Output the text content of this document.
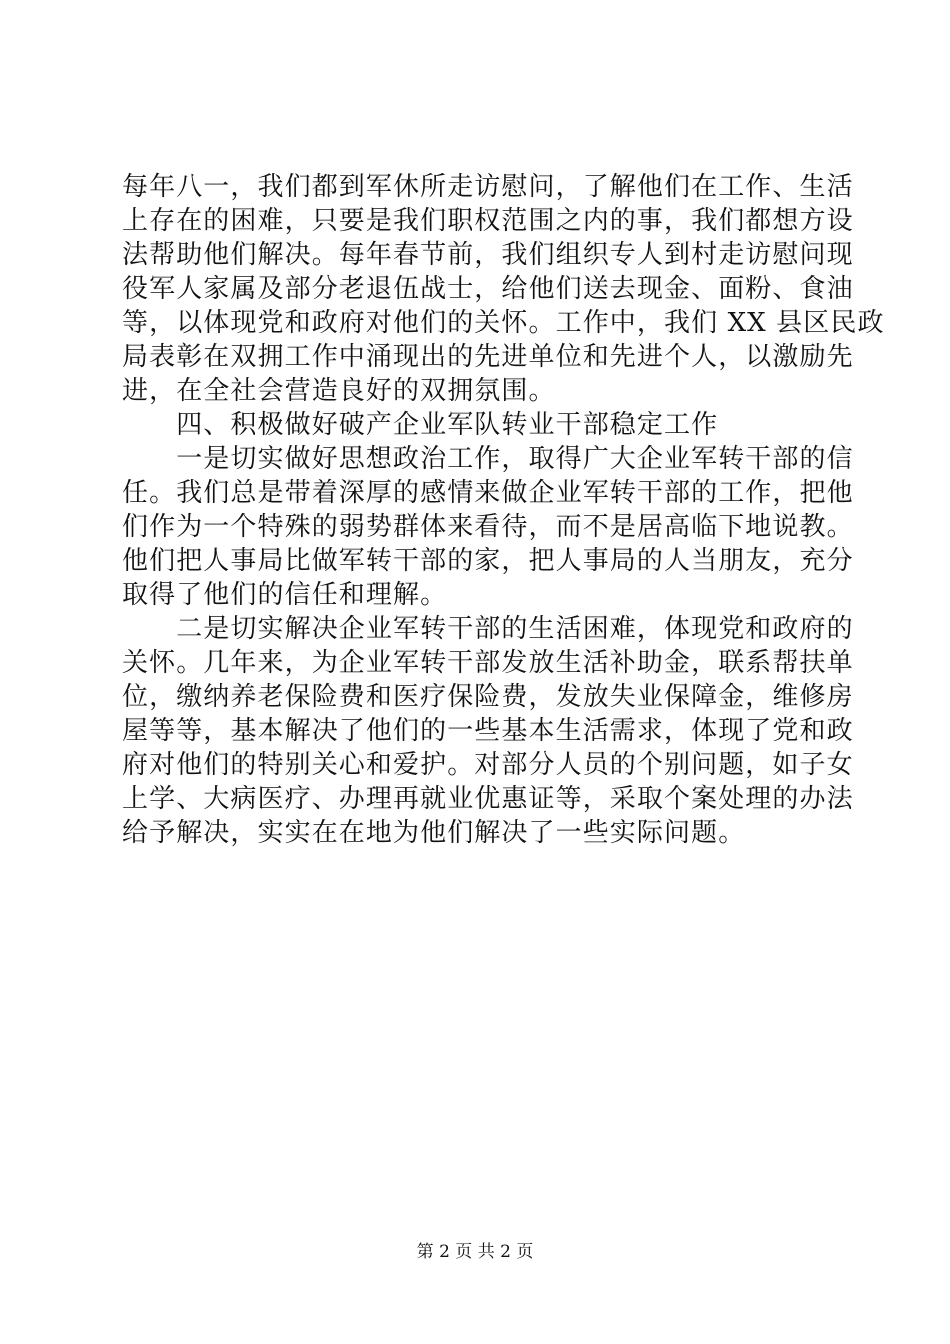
每年八一，我们都到军休所走访慰问，了解他们在工作、生活
上存在的困难，只要是我们职权范围之内的事，我们都想方设
法帮助他们解决。每年春节前，我们组织专人到村走访慰问现
役军人家属及部分老退伍战士，给他们送去现金、面粉、食油
等，以体现党和政府对他们的关怀。工作中，我们 XX 县区民政
局表彰在双拥工作中涌现出的先进单位和先进个人，以激励先
进，在全社会营造良好的双拥氛围。
　　四、积极做好破产企业军队转业干部稳定工作
　　一是切实做好思想政治工作，取得广大企业军转干部的信
任。我们总是带着深厚的感情来做企业军转干部的工作，把他
们作为一个特殊的弱势群体来看待，而不是居高临下地说教。
他们把人事局比做军转干部的家，把人事局的人当朋友，充分
取得了他们的信任和理解。
　　二是切实解决企业军转干部的生活困难，体现党和政府的
关怀。几年来，为企业军转干部发放生活补助金，联系帮扶单
位，缴纳养老保险费和医疗保险费，发放失业保障金，维修房
屋等等，基本解决了他们的一些基本生活需求，体现了党和政
府对他们的特别关心和爱护。对部分人员的个别问题，如子女
上学、大病医疗、办理再就业优惠证等，采取个案处理的办法
给予解决，实实在在地为他们解决了一些实际问题。
第 2 页 共 2 页
